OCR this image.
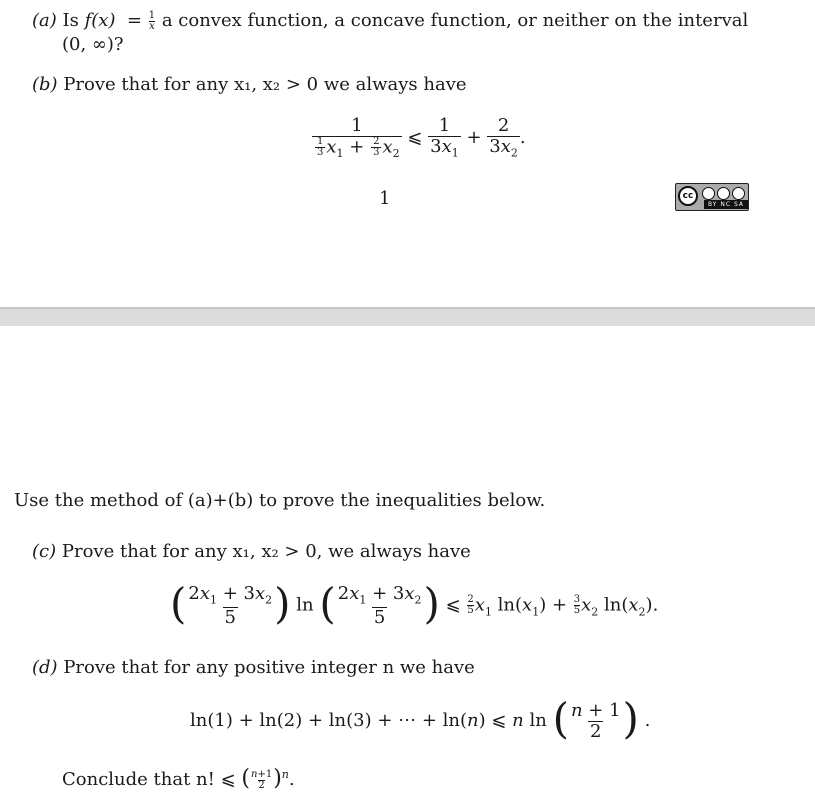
(a) Is $f(x) = \frac{1}{x}$ a convex function, a concave function, or neither on the interval
(0, ∞)?
(b) Prove that for any x₁, x₂ > 0 we always have
$\frac{1}{\frac{1}{3} x_1 + \frac{2}{3} x_2}$ ⩽ $\frac{1}{3x_1} + \frac{2}{3x_2}$ .
1	cc
BY NC SA
Use the method of (a)+(b) to prove the inequalities below.
(c) Prove that for any x₁, x₂ > 0, we always have
( $\frac{2x_1 + 3x_2}{5}$ ) ln ( $\frac{2x_1 + 3x_2}{5}$ ) ⩽ $\frac{2}{5} x_1$ $\ln(x_1) + \frac{3}{5} x_2$ $\ln(x_2)$.
(d) Prove that for any positive integer n we have
ln(1) + ln(2) + ln(3) + ⋯ + ln(n) ⩽ n ln ( $\frac{n + 1}{2}$ ) .
Conclude that n! ⩽ ( $\frac{n+1}{2} )^n$.
